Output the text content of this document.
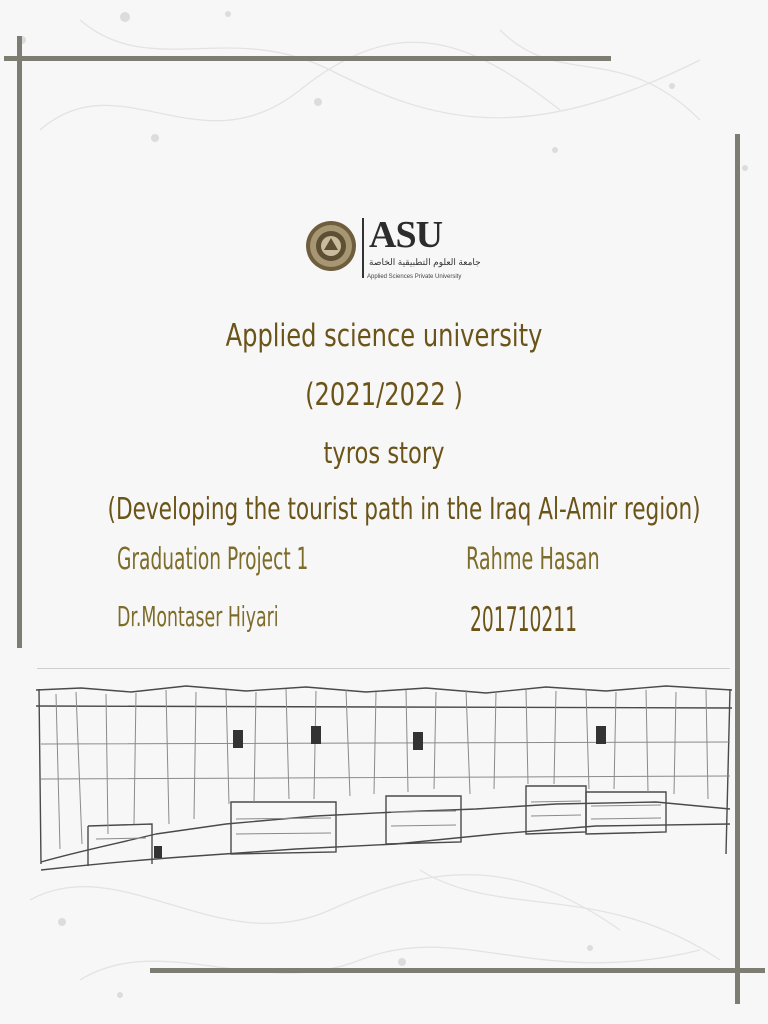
ASU
جامعة العلوم التطبيقية الخاصة
Applied Sciences Private University
Applied science university
(2021/2022 )
tyros story
(Developing the tourist path in the Iraq Al-Amir region)
Graduation Project 1	Rahme Hasan
Dr.Montaser Hiyari	201710211
